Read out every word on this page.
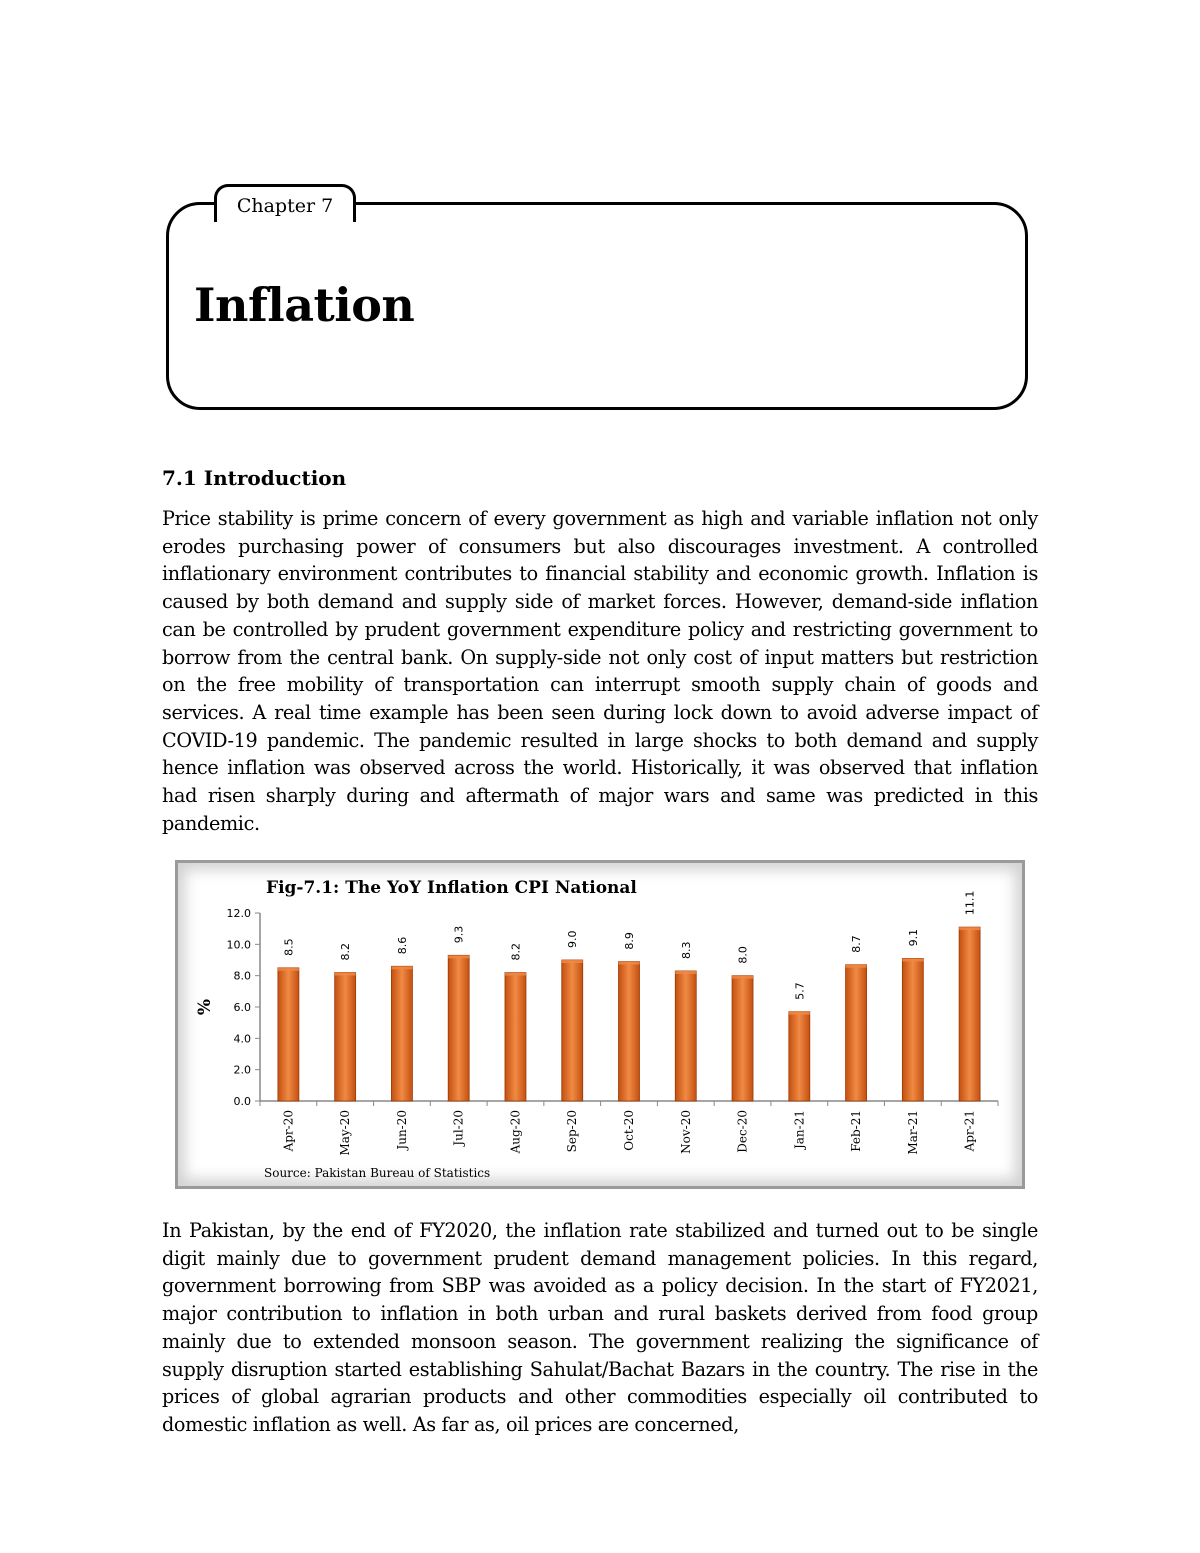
Chapter 7
Inflation
7.1 Introduction

Price stability is prime concern of every government as high and variable inflation not only erodes purchasing power of consumers but also discourages investment. A controlled inflationary environment contributes to financial stability and economic growth. Inflation is caused by both demand and supply side of market forces. However, demand-side inflation can be controlled by prudent government expenditure policy and restricting government to borrow from the central bank. On supply-side not only cost of input matters but restriction on the free mobility of transportation can interrupt smooth supply chain of goods and services. A real time example has been seen during lock down to avoid adverse impact of COVID-19 pandemic. The pandemic resulted in large shocks to both demand and supply hence inflation was observed across the world. Historically, it was observed that inflation had risen sharply during and aftermath of major wars and same was predicted in this pandemic.

Fig-7.1: The YoY Inflation CPI National
Source: Pakistan Bureau of Statistics
0.0
2.0
4.0
6.0
8.0
10.0
12.0
%
8.5
Apr-20
8.2
May-20
8.6
Jun-20
9.3
Jul-20
8.2
Aug-20
9.0
Sep-20
8.9
Oct-20
8.3
Nov-20
8.0
Dec-20
5.7
Jan-21
8.7
Feb-21
9.1
Mar-21
11.1
Apr-21

In Pakistan, by the end of FY2020, the inflation rate stabilized and turned out to be single digit mainly due to government prudent demand management policies. In this regard, government borrowing from SBP was avoided as a policy decision. In the start of FY2021, major contribution to inflation in both urban and rural baskets derived from food group mainly due to extended monsoon season. The government realizing the significance of supply disruption started establishing Sahulat/Bachat Bazars in the country. The rise in the prices of global agrarian products and other commodities especially oil contributed to domestic inflation as well. As far as, oil prices are concerned,
